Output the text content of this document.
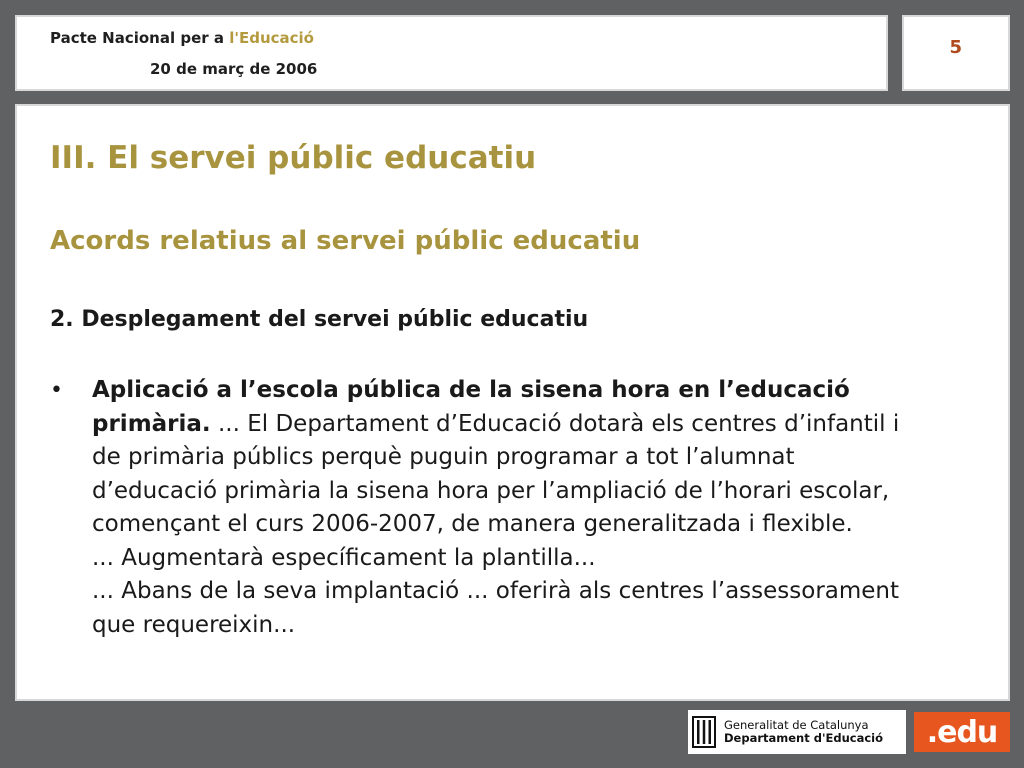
Pacte Nacional per a l'Educació
20 de març de 2006
5
III. El servei públic educatiu
Acords relatius al servei públic educatiu
2. Desplegament del servei públic educatiu
•	Aplicació a l’escola pública de la sisena hora en l’educació
primària. ... El Departament d’Educació dotarà els centres d’infantil i
de primària públics perquè puguin programar a tot l’alumnat
d’educació primària la sisena hora per l’ampliació de l’horari escolar,
començant el curs 2006-2007, de manera generalitzada i flexible.
... Augmentarà específicament la plantilla...
... Abans de la seva implantació ... oferirà als centres l’assessorament
que requereixin...
Generalitat de Catalunya
Departament d'Educació	.edu
